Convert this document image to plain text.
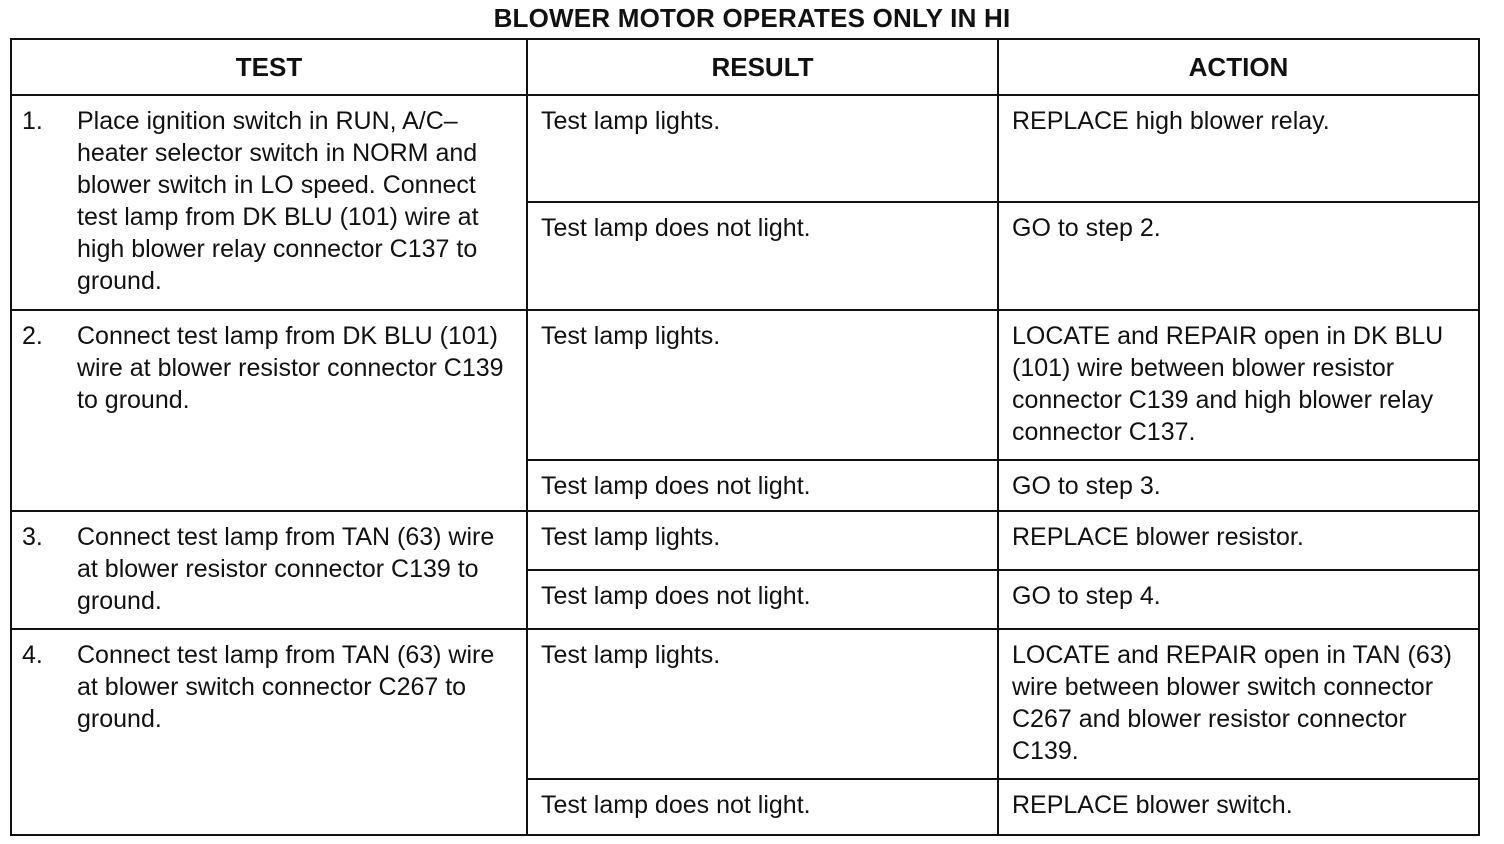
BLOWER MOTOR OPERATES ONLY IN HI
TEST	RESULT	ACTION

1. Place ignition switch in RUN, A/C–heater selector switch in NORM and blower switch in LO speed. Connect test lamp from DK BLU (101) wire at high blower relay connector C137 to ground.	Test lamp lights.	REPLACE high blower relay.

	Test lamp does not light.	GO to step 2.

2. Connect test lamp from DK BLU (101) wire at blower resistor connector C139 to ground.	Test lamp lights.	LOCATE and REPAIR open in DK BLU (101) wire between blower resistor connector C139 and high blower relay connector C137.

	Test lamp does not light.	GO to step 3.

3. Connect test lamp from TAN (63) wire at blower resistor connector C139 to ground.	Test lamp lights.	REPLACE blower resistor.

	Test lamp does not light.	GO to step 4.

4. Connect test lamp from TAN (63) wire at blower switch connector C267 to ground.	Test lamp lights.	LOCATE and REPAIR open in TAN (63) wire between blower switch connector C267 and blower resistor connector C139.

	Test lamp does not light.	REPLACE blower switch.
